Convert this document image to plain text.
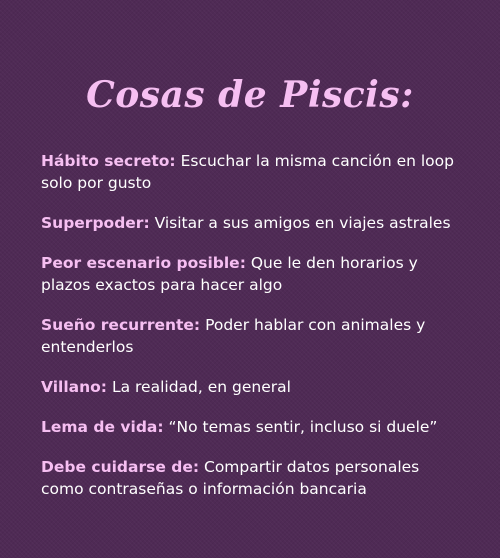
Cosas de Piscis:

Hábito secreto: Escuchar la misma canción en loop solo por gusto

Superpoder: Visitar a sus amigos en viajes astrales

Peor escenario posible: Que le den horarios y plazos exactos para hacer algo

Sueño recurrente: Poder hablar con animales y entenderlos

Villano: La realidad, en general

Lema de vida: “No temas sentir, incluso si duele”

Debe cuidarse de: Compartir datos personales como contraseñas o información bancaria
